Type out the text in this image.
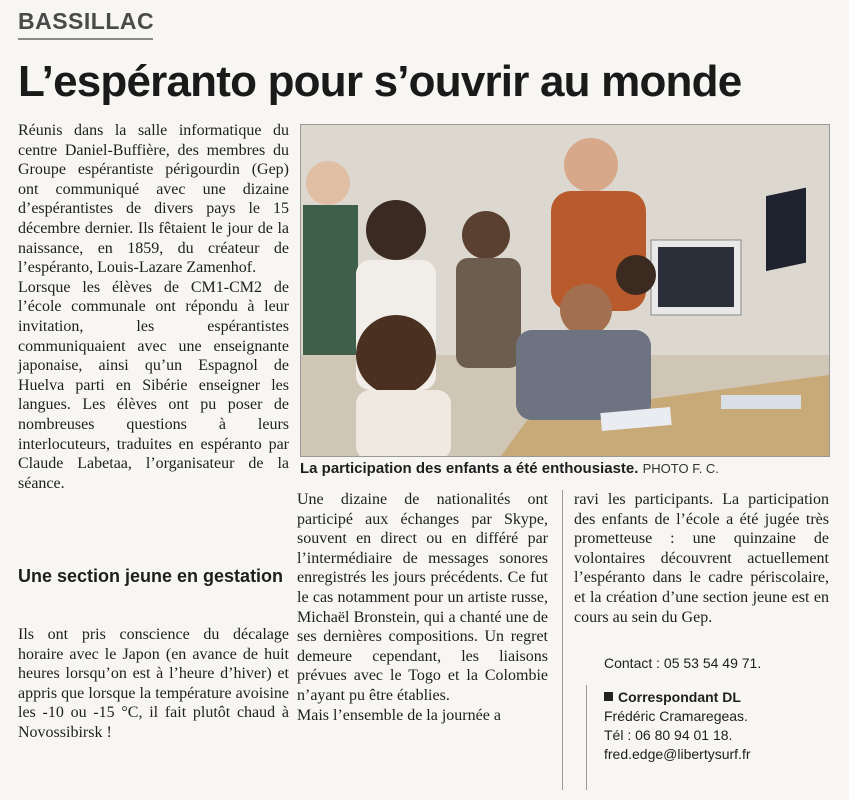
BASSILLAC
L’espéranto pour s’ouvrir au monde

Réunis dans la salle informatique du centre Daniel-Buffière, des membres du Groupe espérantiste périgourdin (Gep) ont communiqué avec une dizaine d’espérantistes de divers pays le 15 décembre dernier. Ils fêtaient le jour de la naissance, en 1859, du créateur de l’espéranto, Louis-Lazare Zamenhof.

Lorsque les élèves de CM1-CM2 de l’école communale ont répondu à leur invitation, les espérantistes communiquaient avec une enseignante japonaise, ainsi qu’un Espagnol de Huelva parti en Sibérie enseigner les langues. Les élèves ont pu poser de nombreuses questions à leurs interlocuteurs, traduites en espéranto par Claude Labetaa, l’organisateur de la séance.

Une section jeune en gestation

Ils ont pris conscience du décalage horaire avec le Japon (en avance de huit heures lorsqu’on est à l’heure d’hiver) et appris que lorsque la température avoisine les -10 ou -15 °C, il fait plutôt chaud à Novossibirsk !

La participation des enfants a été enthousiaste. PHOTO F. C.

Une dizaine de nationalités ont participé aux échanges par Skype, souvent en direct ou en différé par l’intermédiaire de messages sonores enregistrés les jours précédents. Ce fut le cas notamment pour un artiste russe, Michaël Bronstein, qui a chanté une de ses dernières compositions. Un regret demeure cependant, les liaisons prévues avec le Togo et la Colombie n’ayant pu être établies.

Mais l’ensemble de la journée a

ravi les participants. La participation des enfants de l’école a été jugée très prometteuse : une quinzaine de volontaires découvrent actuellement l’espéranto dans le cadre périscolaire, et la création d’une section jeune est en cours au sein du Gep.

Contact : 05 53 54 49 71.
Correspondant DL
Frédéric Cramaregeas.
Tél : 06 80 94 01 18.
fred.edge@libertysurf.fr
